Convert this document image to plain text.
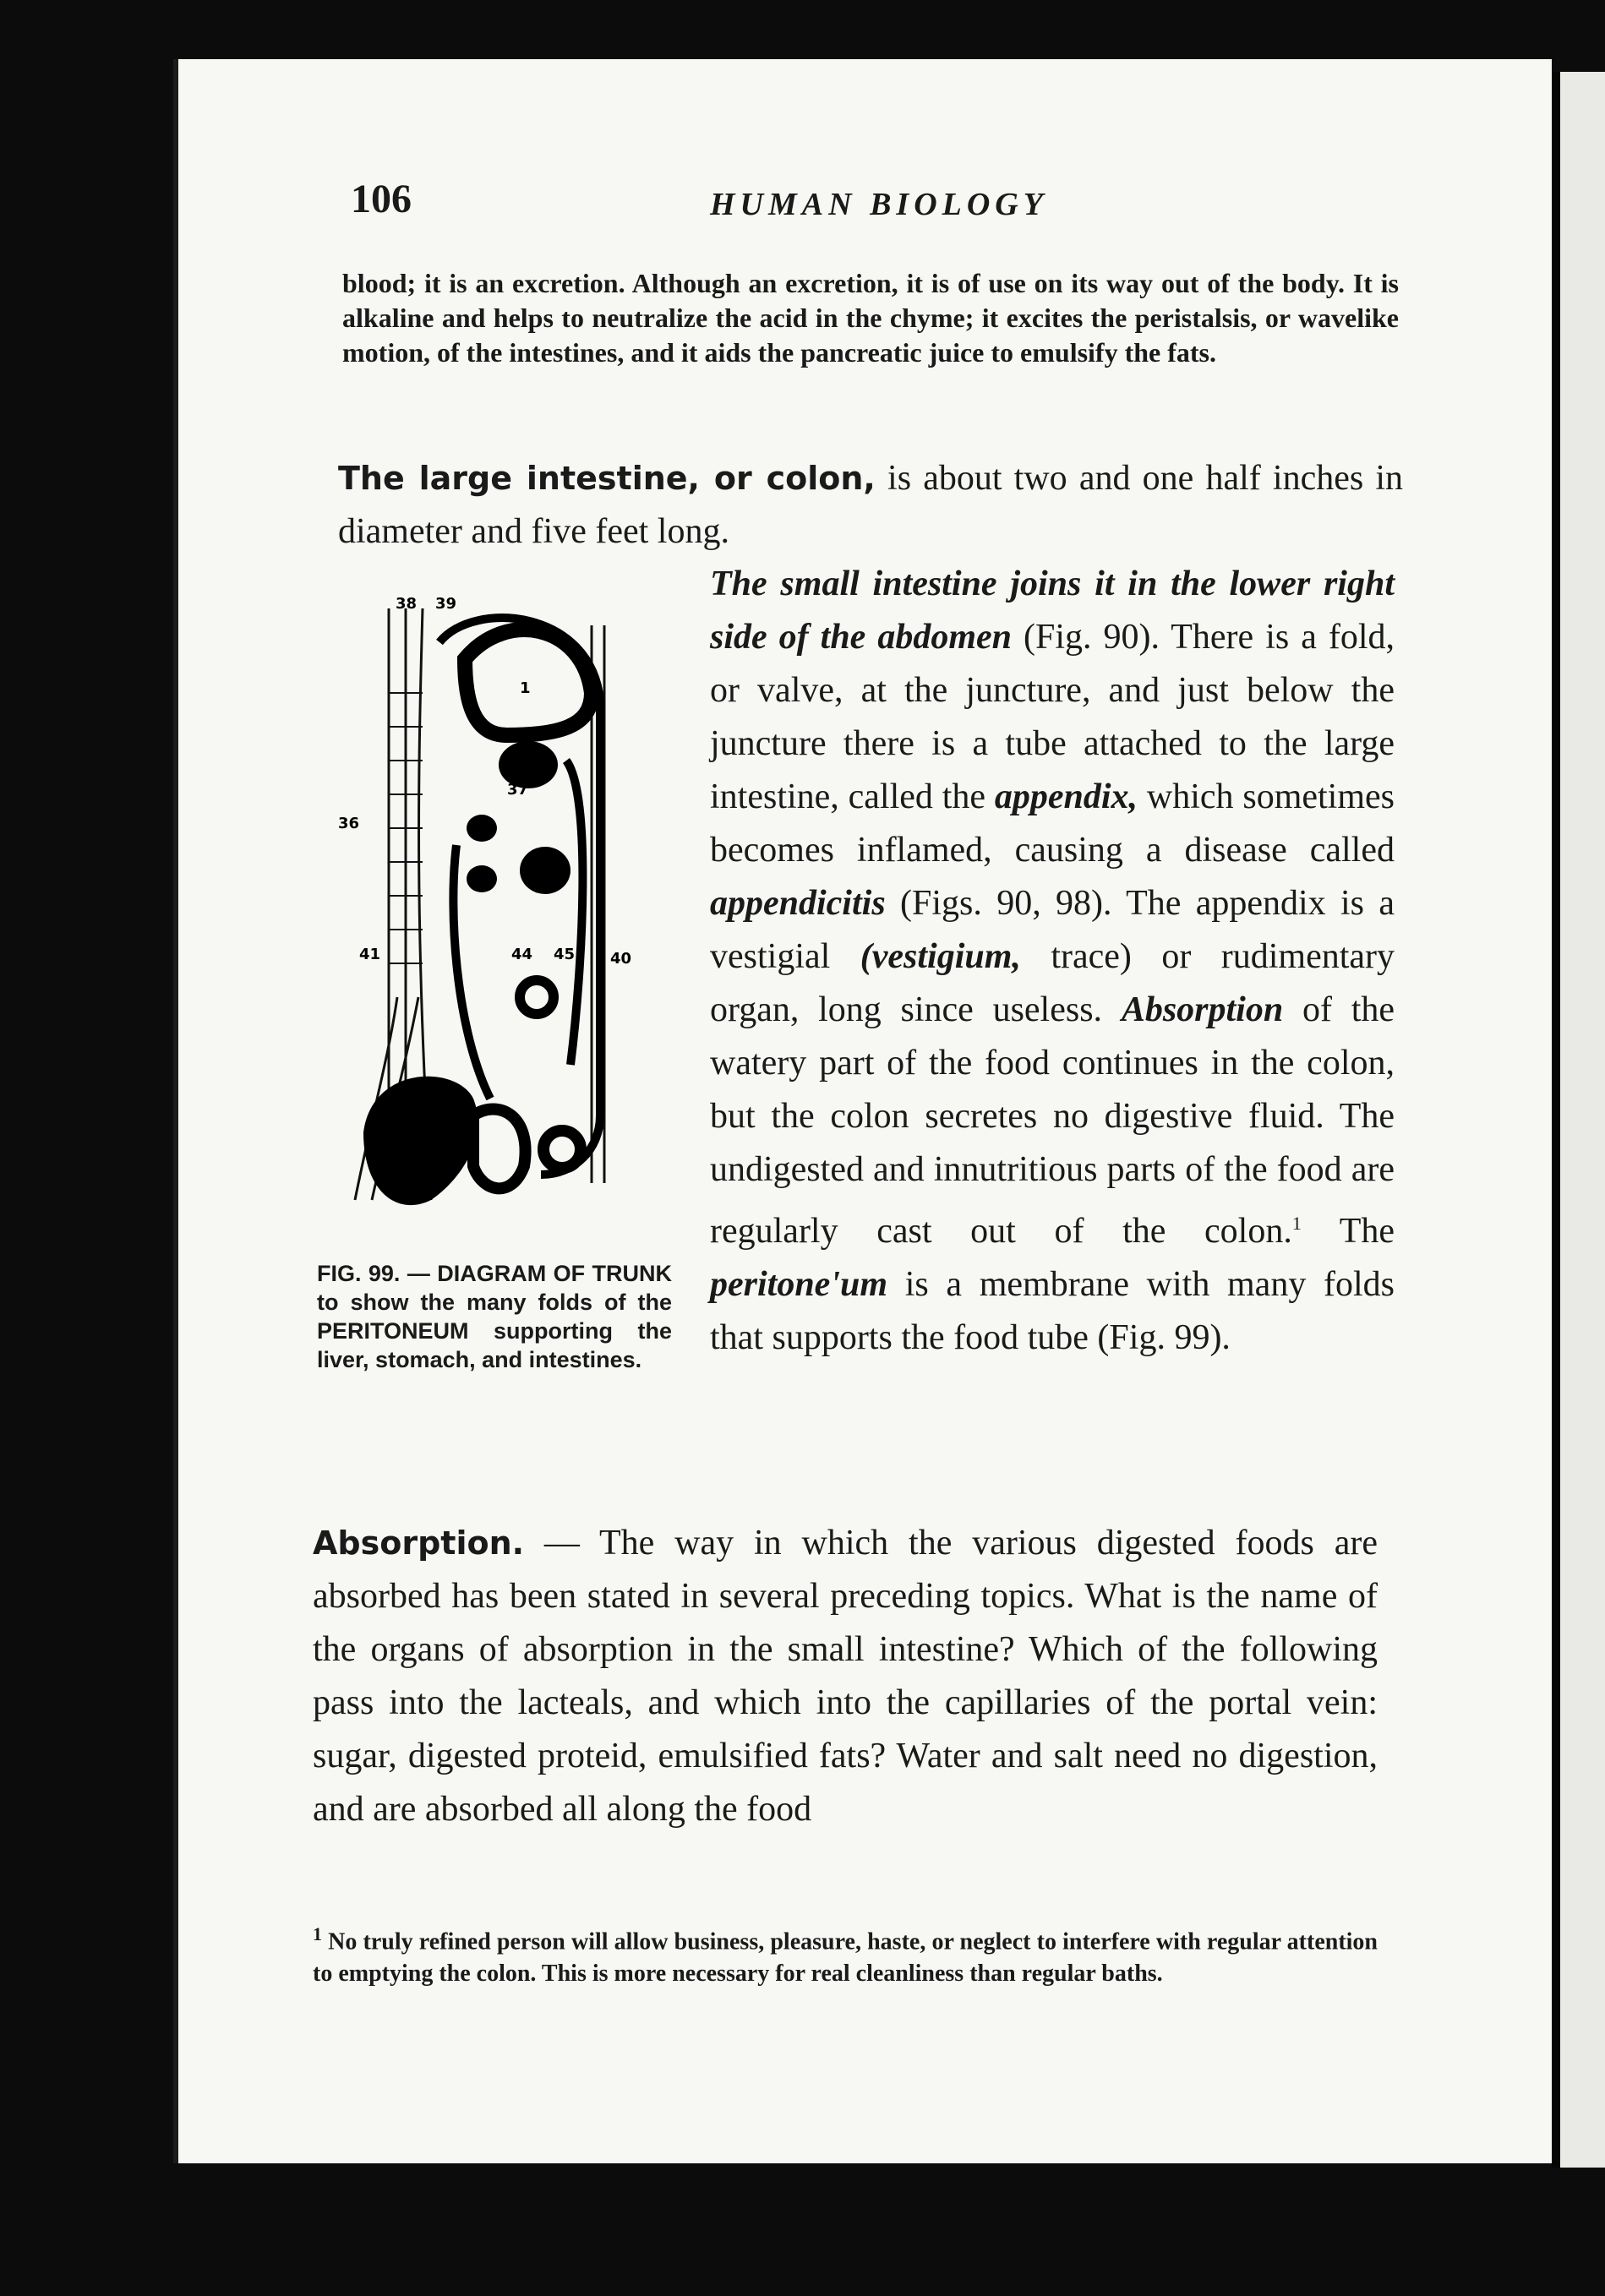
106	HUMAN BIOLOGY
blood; it is an excretion. Although an excretion, it is of use on its way out of the body. It is alkaline and helps to neutralize the acid in the chyme; it excites the peristalsis, or wavelike motion, of the intestines, and it aids the pancreatic juice to emulsify the fats.
The large intestine, or colon, is about two and one half inches in diameter and five feet long.
The small intestine joins it in the lower right side of the abdomen (Fig. 90). There is a fold, or valve, at the juncture, and just below the juncture there is a tube attached to the large intestine, called the appendix, which sometimes becomes inflamed, causing a disease called appendicitis (Figs. 90, 98). The appendix is a vestigial (vestigium, trace) or rudimentary organ, long since useless. Absorption of the watery part of the food continues in the colon, but the colon secretes no digestive fluid. The undigested and innutritious parts of the food are regularly cast out of the colon.$^1$ The peritone'um is a membrane with many folds that supports the food tube (Fig. 99).
38 39
1
37
36
41	44 45 40
FIG. 99. — DIAGRAM OF TRUNK to show the many folds of the PERITONEUM supporting the liver, stomach, and intestines.
Absorption. — The way in which the various digested foods are absorbed has been stated in several preceding topics. What is the name of the organs of absorption in the small intestine? Which of the following pass into the lacteals, and which into the capillaries of the portal vein: sugar, digested proteid, emulsified fats? Water and salt need no digestion, and are absorbed all along the food
$^1$ No truly refined person will allow business, pleasure, haste, or neglect to interfere with regular attention to emptying the colon. This is more necessary for real cleanliness than regular baths.
